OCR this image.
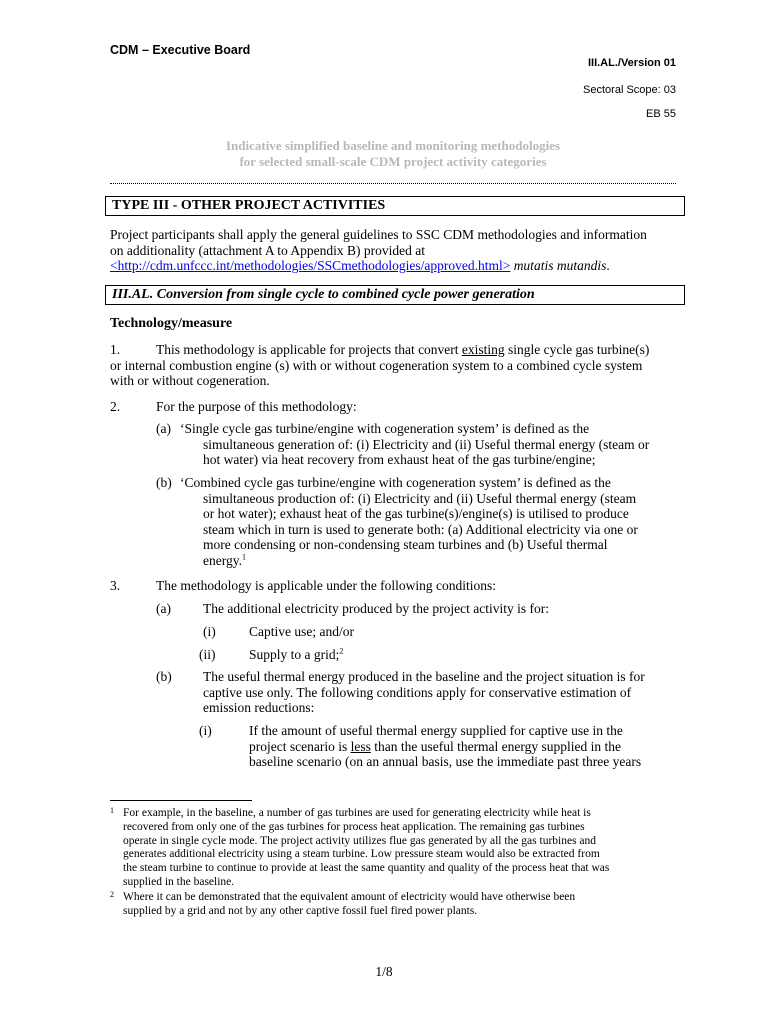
CDM – Executive Board
III.AL./Version 01
Sectoral Scope: 03
EB 55
Indicative simplified baseline and monitoring methodologies
for selected small-scale CDM project activity categories
TYPE III - OTHER PROJECT ACTIVITIES
Project participants shall apply the general guidelines to SSC CDM methodologies and information
on additionality (attachment A to Appendix B) provided at
<http://cdm.unfccc.int/methodologies/SSCmethodologies/approved.html> mutatis mutandis.
III.AL. Conversion from single cycle to combined cycle power generation
Technology/measure
1.	This methodology is applicable for projects that convert existing single cycle gas turbine(s)
or internal combustion engine (s) with or without cogeneration system to a combined cycle system
with or without cogeneration.
2.	For the purpose of this methodology:
(a) ‘Single cycle gas turbine/engine with cogeneration system’ is defined as the
simultaneous generation of: (i) Electricity and (ii) Useful thermal energy (steam or
hot water) via heat recovery from exhaust heat of the gas turbine/engine;
(b) ‘Combined cycle gas turbine/engine with cogeneration system’ is defined as the
simultaneous production of: (i) Electricity and (ii) Useful thermal energy (steam
or hot water); exhaust heat of the gas turbine(s)/engine(s) is utilised to produce
steam which in turn is used to generate both: (a) Additional electricity via one or
more condensing or non-condensing steam turbines and (b) Useful thermal
energy.$^1$
3.	The methodology is applicable under the following conditions:
(a) The additional electricity produced by the project activity is for:
(i) Captive use; and/or
(ii) Supply to a grid;$^2$
(b) The useful thermal energy produced in the baseline and the project situation is for
captive use only. The following conditions apply for conservative estimation of
emission reductions:
(i)	If the amount of useful thermal energy supplied for captive use in the
project scenario is less than the useful thermal energy supplied in the
baseline scenario (on an annual basis, use the immediate past three years
1 For example, in the baseline, a number of gas turbines are used for generating electricity while heat is
recovered from only one of the gas turbines for process heat application. The remaining gas turbines
operate in single cycle mode. The project activity utilizes flue gas generated by all the gas turbines and
generates additional electricity using a steam turbine. Low pressure steam would also be extracted from
the steam turbine to continue to provide at least the same quantity and quality of the process heat that was
supplied in the baseline.
2 Where it can be demonstrated that the equivalent amount of electricity would have otherwise been
supplied by a grid and not by any other captive fossil fuel fired power plants.
1/8
